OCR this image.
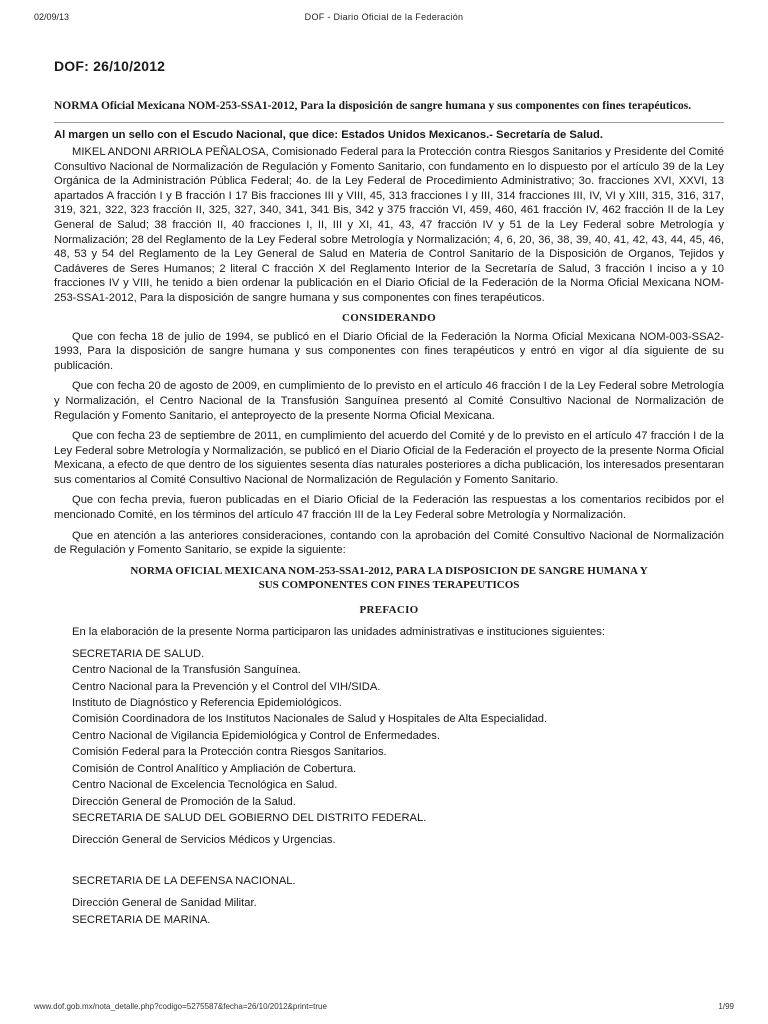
02/09/13	DOF - Diario Oficial de la Federación
DOF: 26/10/2012
NORMA Oficial Mexicana NOM-253-SSA1-2012, Para la disposición de sangre humana y sus componentes con fines terapéuticos.
Al margen un sello con el Escudo Nacional, que dice: Estados Unidos Mexicanos.- Secretaría de Salud.

MIKEL ANDONI ARRIOLA PEÑALOSA, Comisionado Federal para la Protección contra Riesgos Sanitarios y Presidente del Comité Consultivo Nacional de Normalización de Regulación y Fomento Sanitario, con fundamento en lo dispuesto por el artículo 39 de la Ley Orgánica de la Administración Pública Federal; 4o. de la Ley Federal de Procedimiento Administrativo; 3o. fracciones XVI, XXVI, 13 apartados A fracción I y B fracción I 17 Bis fracciones III y VIII, 45, 313 fracciones I y III, 314 fracciones III, IV, VI y XIII, 315, 316, 317, 319, 321, 322, 323 fracción II, 325, 327, 340, 341, 341 Bis, 342 y 375 fracción VI, 459, 460, 461 fracción IV, 462 fracción II de la Ley General de Salud; 38 fracción II, 40 fracciones I, II, III y XI, 41, 43, 47 fracción IV y 51 de la Ley Federal sobre Metrología y Normalización; 28 del Reglamento de la Ley Federal sobre Metrología y Normalización; 4, 6, 20, 36, 38, 39, 40, 41, 42, 43, 44, 45, 46, 48, 53 y 54 del Reglamento de la Ley General de Salud en Materia de Control Sanitario de la Disposición de Organos, Tejidos y Cadáveres de Seres Humanos; 2 literal C fracción X del Reglamento Interior de la Secretaría de Salud, 3 fracción I inciso a y 10 fracciones IV y VIII, he tenido a bien ordenar la publicación en el Diario Oficial de la Federación de la Norma Oficial Mexicana NOM-253-SSA1-2012, Para la disposición de sangre humana y sus componentes con fines terapéuticos.

CONSIDERANDO

Que con fecha 18 de julio de 1994, se publicó en el Diario Oficial de la Federación la Norma Oficial Mexicana NOM-003-SSA2-1993, Para la disposición de sangre humana y sus componentes con fines terapéuticos y entró en vigor al día siguiente de su publicación.

Que con fecha 20 de agosto de 2009, en cumplimiento de lo previsto en el artículo 46 fracción I de la Ley Federal sobre Metrología y Normalización, el Centro Nacional de la Transfusión Sanguínea presentó al Comité Consultivo Nacional de Normalización de Regulación y Fomento Sanitario, el anteproyecto de la presente Norma Oficial Mexicana.

Que con fecha 23 de septiembre de 2011, en cumplimiento del acuerdo del Comité y de lo previsto en el artículo 47 fracción I de la Ley Federal sobre Metrología y Normalización, se publicó en el Diario Oficial de la Federación el proyecto de la presente Norma Oficial Mexicana, a efecto de que dentro de los siguientes sesenta días naturales posteriores a dicha publicación, los interesados presentaran sus comentarios al Comité Consultivo Nacional de Normalización de Regulación y Fomento Sanitario.

Que con fecha previa, fueron publicadas en el Diario Oficial de la Federación las respuestas a los comentarios recibidos por el mencionado Comité, en los términos del artículo 47 fracción III de la Ley Federal sobre Metrología y Normalización.

Que en atención a las anteriores consideraciones, contando con la aprobación del Comité Consultivo Nacional de Normalización de Regulación y Fomento Sanitario, se expide la siguiente:

NORMA OFICIAL MEXICANA NOM-253-SSA1-2012, PARA LA DISPOSICION DE SANGRE HUMANA Y
SUS COMPONENTES CON FINES TERAPEUTICOS
PREFACIO
En la elaboración de la presente Norma participaron las unidades administrativas e instituciones siguientes:
SECRETARIA DE SALUD.
Centro Nacional de la Transfusión Sanguínea.
Centro Nacional para la Prevención y el Control del VIH/SIDA.
Instituto de Diagnóstico y Referencia Epidemiológicos.
Comisión Coordinadora de los Institutos Nacionales de Salud y Hospitales de Alta Especialidad.
Centro Nacional de Vigilancia Epidemiológica y Control de Enfermedades.
Comisión Federal para la Protección contra Riesgos Sanitarios.
Comisión de Control Analítico y Ampliación de Cobertura.
Centro Nacional de Excelencia Tecnológica en Salud.
Dirección General de Promoción de la Salud.
SECRETARIA DE SALUD DEL GOBIERNO DEL DISTRITO FEDERAL.
Dirección General de Servicios Médicos y Urgencias.
SECRETARIA DE LA DEFENSA NACIONAL.
Dirección General de Sanidad Militar.
SECRETARIA DE MARINA.
www.dof.gob.mx/nota_detalle.php?codigo=5275587&fecha=26/10/2012&print=true	1/99
